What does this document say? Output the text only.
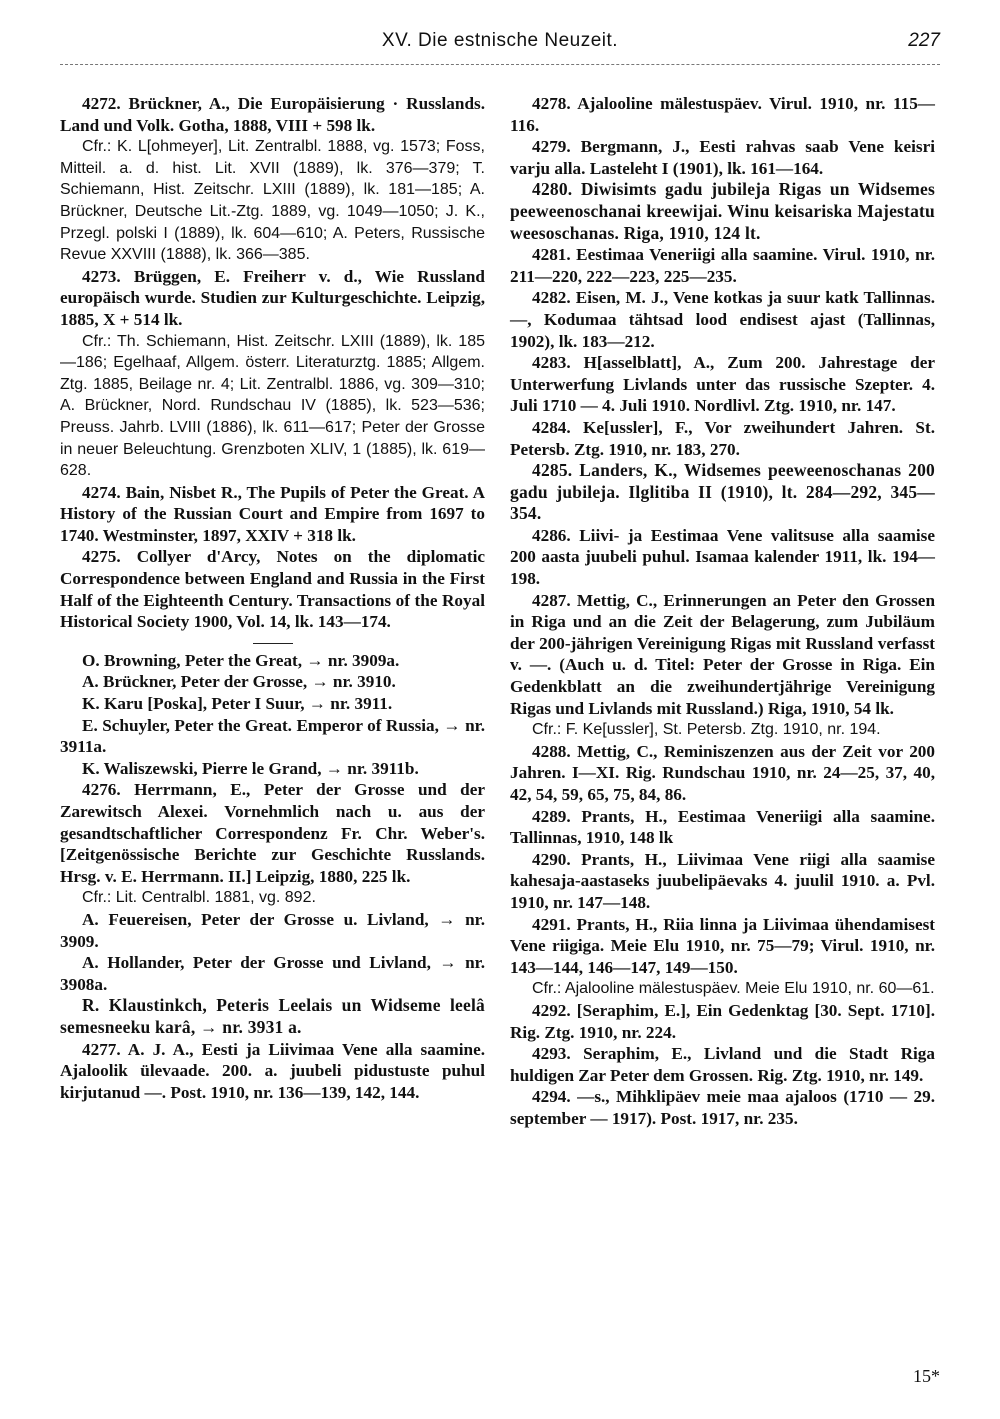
XV. Die estnische Neuzeit.	227

4272. Brückner, A., Die Europäisierung · Russlands. Land und Volk. Gotha, 1888, VIII + 598 lk.

Cfr.: K. L[ohmeyer], Lit. Zentralbl. 1888, vg. 1573; Foss, Mitteil. a. d. hist. Lit. XVII (1889), lk. 376—379; T. Schiemann, Hist. Zeitschr. LXIII (1889), lk. 181—185; A. Brückner, Deutsche Lit.-Ztg. 1889, vg. 1049—1050; J. K., Przegl. polski I (1889), lk. 604—610; A. Peters, Russische Revue XXVIII (1888), lk. 366—385.

4273. Brüggen, E. Freiherr v. d., Wie Russland europäisch wurde. Studien zur Kulturgeschichte. Leipzig, 1885, X + 514 lk.

Cfr.: Th. Schiemann, Hist. Zeitschr. LXIII (1889), lk. 185—186; Egelhaaf, Allgem. österr. Literaturztg. 1885; Allgem. Ztg. 1885, Beilage nr. 4; Lit. Zentralbl. 1886, vg. 309—310; A. Brückner, Nord. Rundschau IV (1885), lk. 523—536; Preuss. Jahrb. LVIII (1886), lk. 611—617; Peter der Grosse in neuer Beleuchtung. Grenzboten XLIV, 1 (1885), lk. 619—628.

4274. Bain, Nisbet R., The Pupils of Peter the Great. A History of the Russian Court and Empire from 1697 to 1740. Westminster, 1897, XXIV + 318 lk.

4275. Collyer d'Arcy, Notes on the diplomatic Correspondence between England and Russia in the First Half of the Eighteenth Century. Transactions of the Royal Historical Society 1900, Vol. 14, lk. 143—174.

O. Browning, Peter the Great, → nr. 3909a.

A. Brückner, Peter der Grosse, → nr. 3910.

K. Karu [Poska], Peter I Suur, → nr. 3911.

E. Schuyler, Peter the Great. Emperor of Russia, → nr. 3911a.

K. Waliszewski, Pierre le Grand, → nr. 3911b.

4276. Herrmann, E., Peter der Grosse und der Zarewitsch Alexei. Vornehmlich nach u. aus der gesandtschaftlicher Correspondenz Fr. Chr. Weber's. [Zeitgenössische Berichte zur Geschichte Russlands. Hrsg. v. E. Herrmann. II.] Leipzig, 1880, 225 lk.

Cfr.: Lit. Centralbl. 1881, vg. 892.

A. Feuereisen, Peter der Grosse u. Livland, → nr. 3909.

A. Hollander, Peter der Grosse und Livland, → nr. 3908a.

R. Klaustinkch, Peteris Leelais un Widseme leelâ semesneeku karâ, → nr. 3931 a.

4277. A. J. A., Eesti ja Liivimaa Vene alla saamine. Ajaloolik ülevaade. 200. a. juubeli pidustuste puhul kirjutanud —. Post. 1910, nr. 136—139, 142, 144.

4278. Ajalooline mälestuspäev. Virul. 1910, nr. 115—116.

4279. Bergmann, J., Eesti rahvas saab Vene keisri varju alla. Lasteleht I (1901), lk. 161—164.

4280. Diwisimts gadu jubileja Rigas un Widsemes peeweenoschanai kreewijai. Winu keisariska Majestatu weesoschanas. Riga, 1910, 124 lt.

4281. Eestimaa Veneriigi alla saamine. Virul. 1910, nr. 211—220, 222—223, 225—235.

4282. Eisen, M. J., Vene kotkas ja suur katk Tallinnas. —, Kodumaa tähtsad lood endisest ajast (Tallinnas, 1902), lk. 183—212.

4283. H[asselblatt], A., Zum 200. Jahrestage der Unterwerfung Livlands unter das russische Szepter. 4. Juli 1710 — 4. Juli 1910. Nordlivl. Ztg. 1910, nr. 147.

4284. Ke[ussler], F., Vor zweihundert Jahren. St. Petersb. Ztg. 1910, nr. 183, 270.

4285. Landers, K., Widsemes peeweenoschanas 200 gadu jubileja. Ilglitiba II (1910), lt. 284—292, 345—354.

4286. Liivi- ja Eestimaa Vene valitsuse alla saamise 200 aasta juubeli puhul. Isamaa kalender 1911, lk. 194—198.

4287. Mettig, C., Erinnerungen an Peter den Grossen in Riga und an die Zeit der Belagerung, zum Jubiläum der 200-jährigen Vereinigung Rigas mit Russland verfasst v. —. (Auch u. d. Titel: Peter der Grosse in Riga. Ein Gedenkblatt an die zweihundertjährige Vereinigung Rigas und Livlands mit Russland.) Riga, 1910, 54 lk.

Cfr.: F. Ke[ussler], St. Petersb. Ztg. 1910, nr. 194.

4288. Mettig, C., Reminiszenzen aus der Zeit vor 200 Jahren. I—XI. Rig. Rundschau 1910, nr. 24—25, 37, 40, 42, 54, 59, 65, 75, 84, 86.

4289. Prants, H., Eestimaa Veneriigi alla saamine. Tallinnas, 1910, 148 lk

4290. Prants, H., Liivimaa Vene riigi alla saamise kahesaja-aastaseks juubelipäevaks 4. juulil 1910. a. Pvl. 1910, nr. 147—148.

4291. Prants, H., Riia linna ja Liivimaa ühendamisest Vene riigiga. Meie Elu 1910, nr. 75—79; Virul. 1910, nr. 143—144, 146—147, 149—150.

Cfr.: Ajalooline mälestuspäev. Meie Elu 1910, nr. 60—61.

4292. [Seraphim, E.], Ein Gedenktag [30. Sept. 1710]. Rig. Ztg. 1910, nr. 224.

4293. Seraphim, E., Livland und die Stadt Riga huldigen Zar Peter dem Grossen. Rig. Ztg. 1910, nr. 149.

4294. —s., Mihklipäev meie maa ajaloos (1710 — 29. september — 1917). Post. 1917, nr. 235.

15*
